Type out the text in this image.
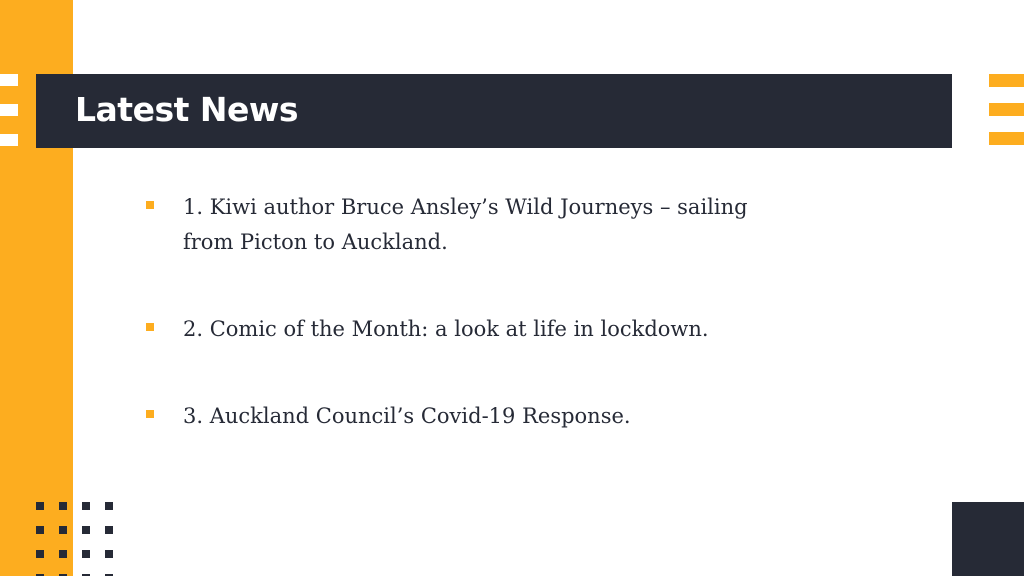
Latest News
1. Kiwi author Bruce Ansley’s Wild Journeys – sailing from Picton to Auckland.
2. Comic of the Month: a look at life in lockdown.
3. Auckland Council’s Covid-19 Response.
